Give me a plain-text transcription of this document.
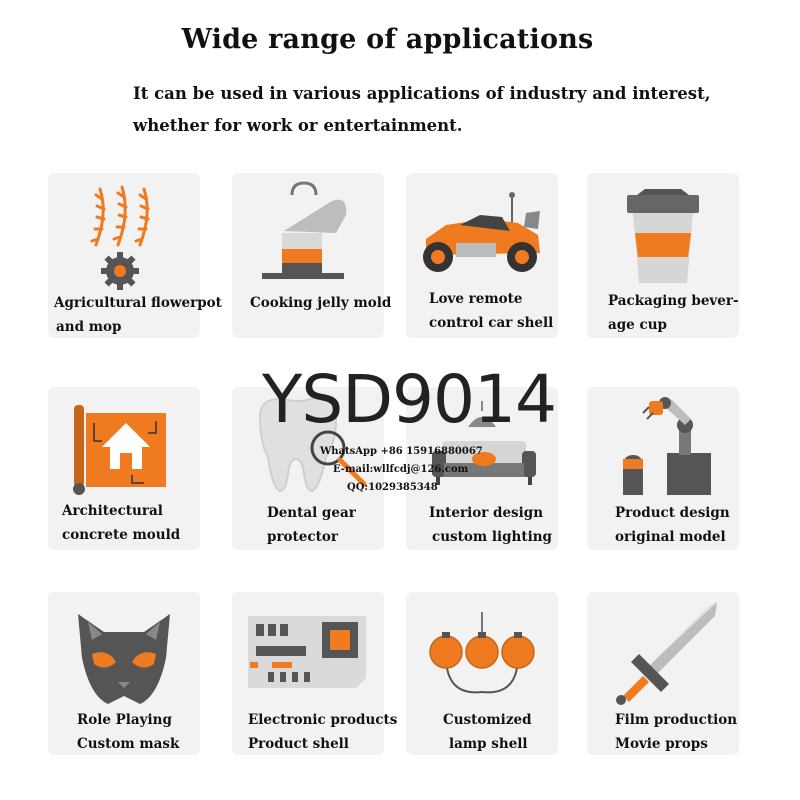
Wide range of applications
It can be used in various applications of industry and interest,
whether for work or entertainment.
Agricultural flowerpot
and mop
Cooking jelly mold	Love remote
control car shell
Packaging bever-
age cup
Architectural
concrete mould
Dental gear
protector
Interior design
custom lighting
Product design
original model
Role Playing
Custom mask
Electronic products
Product shell
Customized
lamp shell
Film production
Movie props
YSD9014
WhatsApp +86 15916880067
E-mail:wllfcdj@126.com
QQ:1029385348
